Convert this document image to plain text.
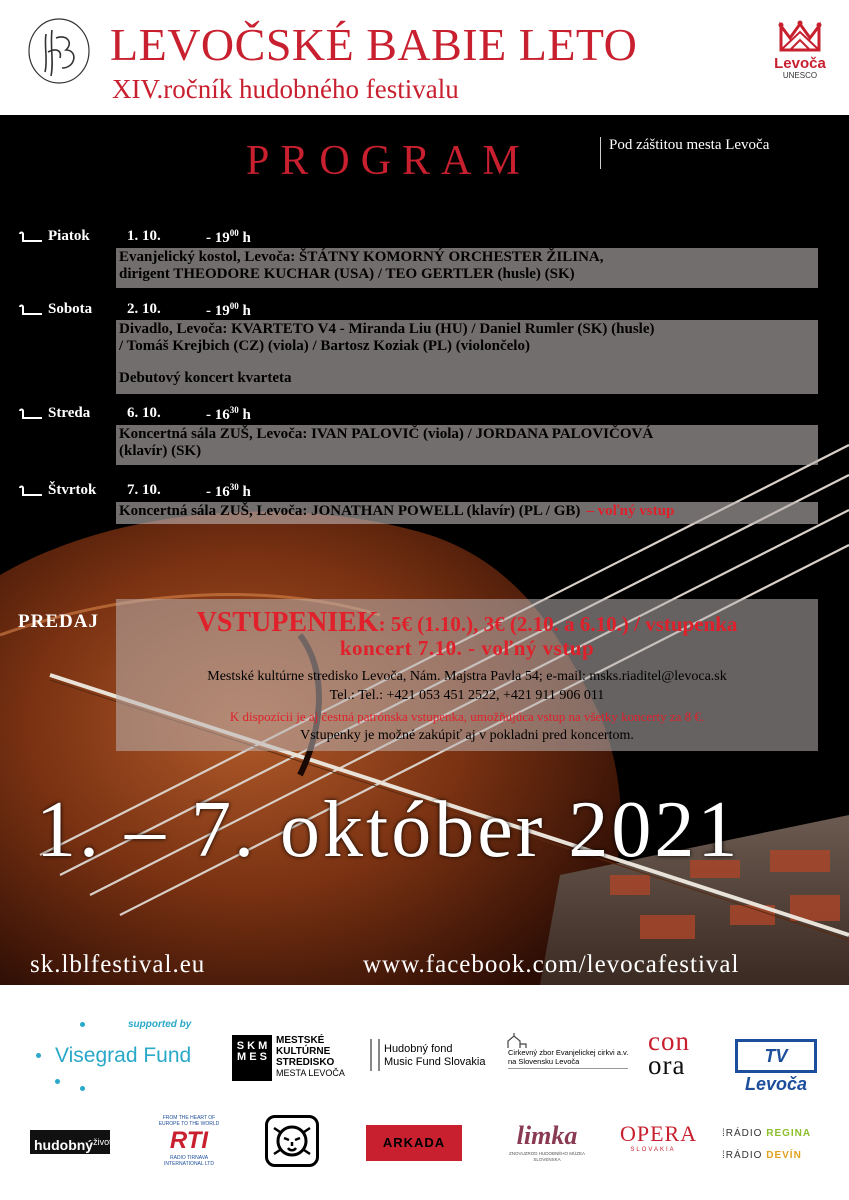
LEVOČSKÉ BABIE LETO
XIV.ročník hudobného festivalu
Levoča
UNESCO
PROGRAM	Pod záštitou mesta Levoča
Piatok 1. 10.	- $19^{00}$ h
Evanjelický kostol, Levoča: ŠTÁTNY KOMORNÝ ORCHESTER ŽILINA,
dirigent THEODORE KUCHAR (USA) / TEO GERTLER (husle) (SK)
Sobota 2. 10.	- $19^{00}$ h
Divadlo, Levoča: KVARTETO V4 - Miranda Liu (HU) / Daniel Rumler (SK) (husle)
/ Tomáš Krejbich (CZ) (viola) / Bartosz Koziak (PL) (violončelo)
Debutový koncert kvarteta
Streda 6. 10.	- $16^{30}$ h
Koncertná sála ZUŠ, Levoča: IVAN PALOVIČ (viola) / JORDANA PALOVIČOVÁ
(klavír) (SK)
Štvrtok 7. 10.	- $16^{30}$ h
Koncertná sála ZUŠ, Levoča: JONATHAN POWELL (klavír) (PL / GB) – voľný vstup
PREDAJ	VSTUPENIEK: 5€ (1.10.), 3€ (2.10. a 6.10.) / vstupenka
koncert 7.10. - voľný vstup
Mestské kultúrne stredisko Levoča, Nám. Majstra Pavla 54; e-mail: msks.riaditel@levoca.sk
Tel.: Tel.: +421 053 451 2522, +421 911 906 011
K dispozícii je aj čestná patrónska vstupenka, umožňujúca vstup na všetky koncerty za 8 €.
Vstupenky je možné zakúpiť aj v pokladni pred koncertom.
1. – 7. október 2021
sk.lblfestival.eu	www.facebook.com/levocafestival
supported by
Visegrad Fund	S K M M E S
MESTSKÉ
KULTÚRNE
STREDISKO
MESTA LEVOČA
Hudobný fond
Music Fund Slovakia
Cirkevný zbor Evanjelickej cirkvi a.v.
na Slovensku Levoča
con
ora	TV Levoča
hudobný$^{život}$
FROM THE HEART OF EUROPE TO THE WORLD
RTI
RADIO TIRNAVA INTERNATIONAL LTD
ARKADA	limka
ZNOVUZROD HUDOBNÉHO MÚZEA SLOVENSKA
OPERA
SLOVAKIA
⁞RÁDIO REGINA
⁞RÁDIO DEVÍN
